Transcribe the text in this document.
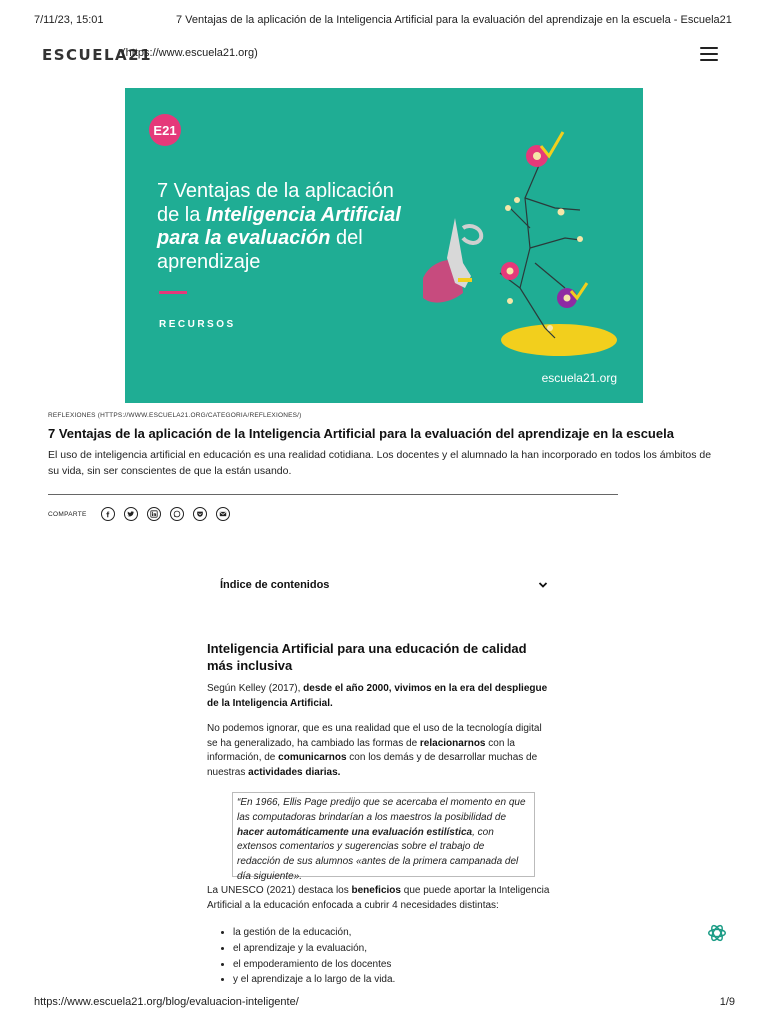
7/11/23, 15:01	7 Ventajas de la aplicación de la Inteligencia Artificial para la evaluación del aprendizaje en la escuela - Escuela21
ESCUELA21
(https://www.escuela21.org)
E21
7 Ventajas de la aplicación
de la Inteligencia Artificial
para la evaluación del
aprendizaje
RECURSOS
escuela21.org
REFLEXIONES (HTTPS://WWW.ESCUELA21.ORG/CATEGORIA/REFLEXIONES/)
7 Ventajas de la aplicación de la Inteligencia Artificial para la evaluación del aprendizaje en la escuela

El uso de inteligencia artificial en educación es una realidad cotidiana. Los docentes y el alumnado la han incorporado en todos los ámbitos de su vida, sin ser conscientes de que la están usando.

COMPARTE
Índice de contenidos
Inteligencia Artificial para una educación de calidad más inclusiva

Según Kelley (2017), desde el año 2000, vivimos en la era del despliegue de la Inteligencia Artificial.

No podemos ignorar, que es una realidad que el uso de la tecnología digital se ha generalizado, ha cambiado las formas de relacionarnos con la información, de comunicarnos con los demás y de desarrollar muchas de nuestras actividades diarias.

“En 1966, Ellis Page predijo que se acercaba el momento en que las computadoras brindarían a los maestros la posibilidad de hacer automáticamente una evaluación estilística, con extensos comentarios y sugerencias sobre el trabajo de redacción de sus alumnos «antes de la primera campanada del día siguiente».

La UNESCO (2021) destaca los beneficios que puede aportar la Inteligencia Artificial a la educación enfocada a cubrir 4 necesidades distintas:

• la gestión de la educación,
• el aprendizaje y la evaluación,
• el empoderamiento de los docentes
• y el aprendizaje a lo largo de la vida.
https://www.escuela21.org/blog/evaluacion-inteligente/	1/9
